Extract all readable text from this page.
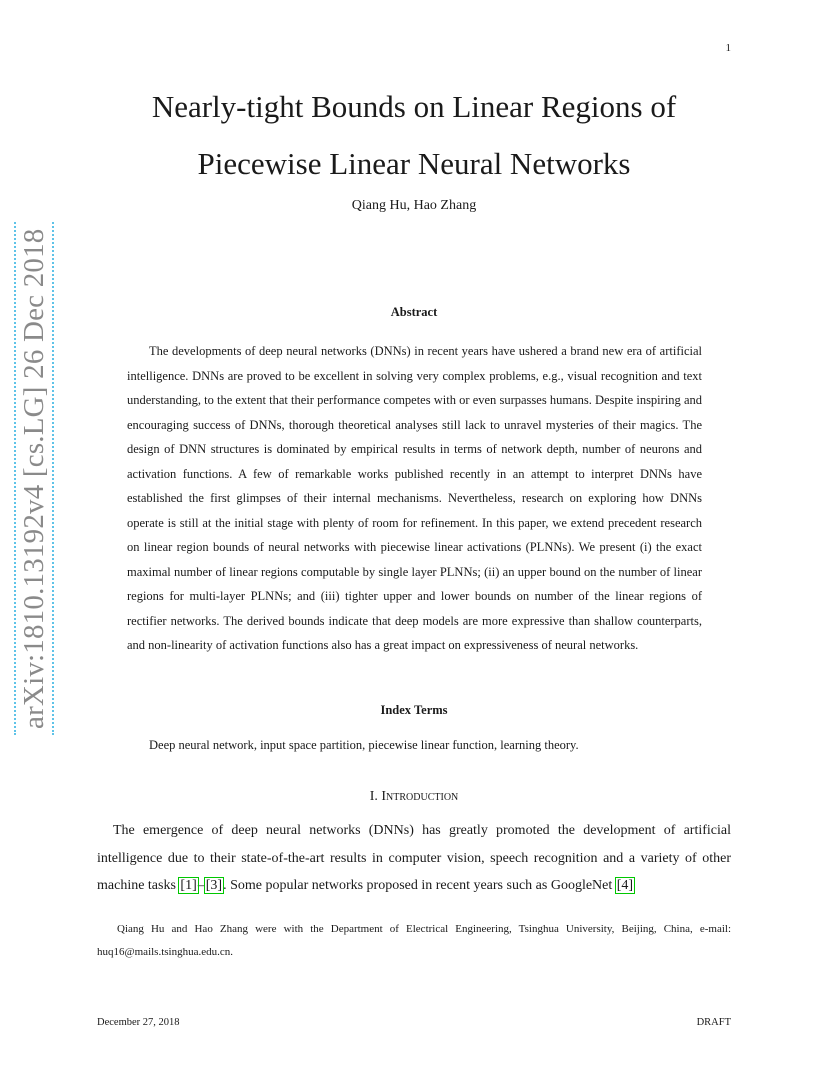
1
Nearly-tight Bounds on Linear Regions of
Piecewise Linear Neural Networks
Qiang Hu, Hao Zhang
arXiv:1810.13192v4 [cs.LG] 26 Dec 2018	Abstract

The developments of deep neural networks (DNNs) in recent years have ushered a brand new era of artificial intelligence. DNNs are proved to be excellent in solving very complex problems, e.g., visual recognition and text understanding, to the extent that their performance competes with or even surpasses humans. Despite inspiring and encouraging success of DNNs, thorough theoretical analyses still lack to unravel mysteries of their magics. The design of DNN structures is dominated by empirical results in terms of network depth, number of neurons and activation functions. A few of remarkable works published recently in an attempt to interpret DNNs have established the first glimpses of their internal mechanisms. Nevertheless, research on exploring how DNNs operate is still at the initial stage with plenty of room for refinement. In this paper, we extend precedent research on linear region bounds of neural networks with piecewise linear activations (PLNNs). We present (i) the exact maximal number of linear regions computable by single layer PLNNs; (ii) an upper bound on the number of linear regions for multi-layer PLNNs; and (iii) tighter upper and lower bounds on number of the linear regions of rectifier networks. The derived bounds indicate that deep models are more expressive than shallow counterparts, and non-linearity of activation functions also has a great impact on expressiveness of neural networks.

Index Terms

Deep neural network, input space partition, piecewise linear function, learning theory.

I. Introduction

The emergence of deep neural networks (DNNs) has greatly promoted the development of artificial intelligence due to their state-of-the-art results in computer vision, speech recognition and a variety of other machine tasks [1]–[3]. Some popular networks proposed in recent years such as GoogleNet [4]

Qiang Hu and Hao Zhang were with the Department of Electrical Engineering, Tsinghua University, Beijing, China, e-mail: huq16@mails.tsinghua.edu.cn.

December 27, 2018	DRAFT
